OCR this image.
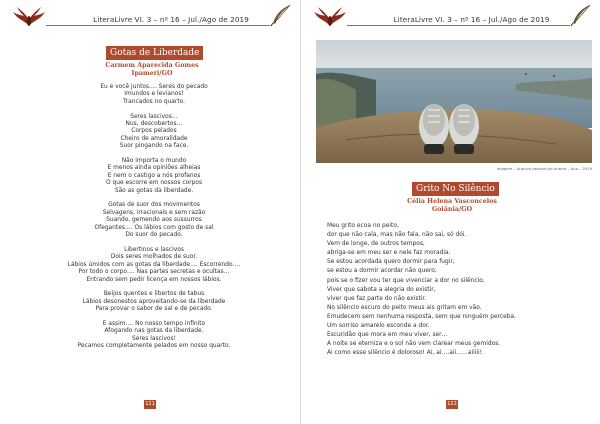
LiteraLivre VI. 3 – nº 16 – Jul./Ago de 2019
Gotas de Liberdade
Carmem Aparecida Gomes
Ipameri/GO
Eu e você juntos…. Seres do pecado
Imundos e levianos!
Trancados no quarto.
Seres lascivos…
Nus, descobertos…
Corpos pelados
Cheiro de amoralidade
Suor pingando na face.
Não importa o mundo
E menos ainda opiniões alheias
E nem o castigo a nós profanos
O que escorre em nossos corpos
São as gotas da liberdade.
Gotas de suor dos movimentos
Selvagens, irracionais e sem razão
Suando, gemendo aos sussurros
Ofegantes…. Os lábios com gosto de sal
Do suor do pecado.
Libertinos e lascivos
Dois seres molhados de suor.
Lábios úmidos com as gotas da liberdade…. Escorrendo….
Por todo o corpo…. Nas partes secretas e ocultas…
Entrando sem pedir licença em nossos lábios.
Beijos quentes e libertos de tabus
Lábios desonestos aproveitando-se da liberdade
Para provar o sabor de sal e de pecado.
E assim…. No nosso tempo infinito
Afogando nas gotas da liberdade.
Seres lascivos!
Pecamos completamente pelados em nosso quarto.
121
LiteraLivre VI. 3 – nº 16 – Jul./Ago de 2019
122
Imagem – Arquivo pessoal da autora – Ano – 2019
Grito No Silêncio
Célia Helena Vasconcelos
Goiânia/GO
Meu grito ecoa no peito,
dor que não cala, mas não fala, não sai, só dói.
Vem de longe, de outros tempos,
abriga-se em meu ser e nele faz moradia.
Se estou acordada quero dormir para fugir,
se estou a dormir acordar não quero,
pois se o fizer vou ter que vivenciar a dor no silêncio.
Viver que sabota a alegria do existir,
viver que faz parte do não existir.
No silêncio escuro do peito meus ais gritam em vão.
Emudecem sem nenhuma resposta, sem que ninguém perceba.
Um sorriso amarelo esconde a dor.
Escuridão que mora em meu viver, ser…
A noite se eterniza e o sol não vem clarear meus gemidos.
Ai como esse silêncio é doloroso! Ai, ai….aii……aiiiii!.
